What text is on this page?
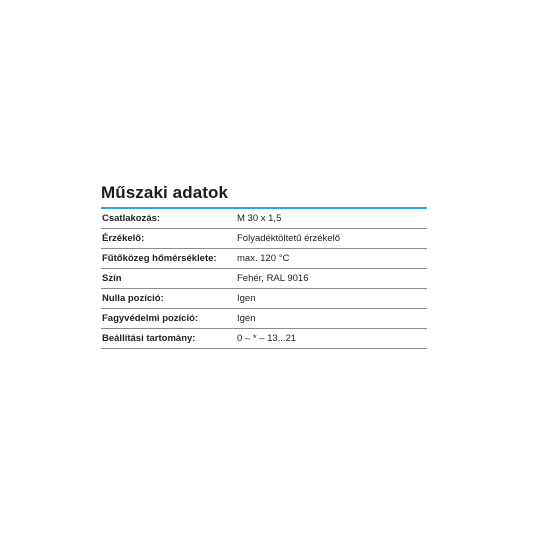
Műszaki adatok
Csatlakozás:	M 30 x 1,5
Érzékelő:	Folyadéktöltetű érzékelő
Fűtőközeg hőmérséklete:	max. 120 °C
Szín	Fehér, RAL 9016
Nulla pozíció:	Igen
Fagyvédelmi pozíció:	Igen
Beállítási tartomány:	0 – * – 13...21
